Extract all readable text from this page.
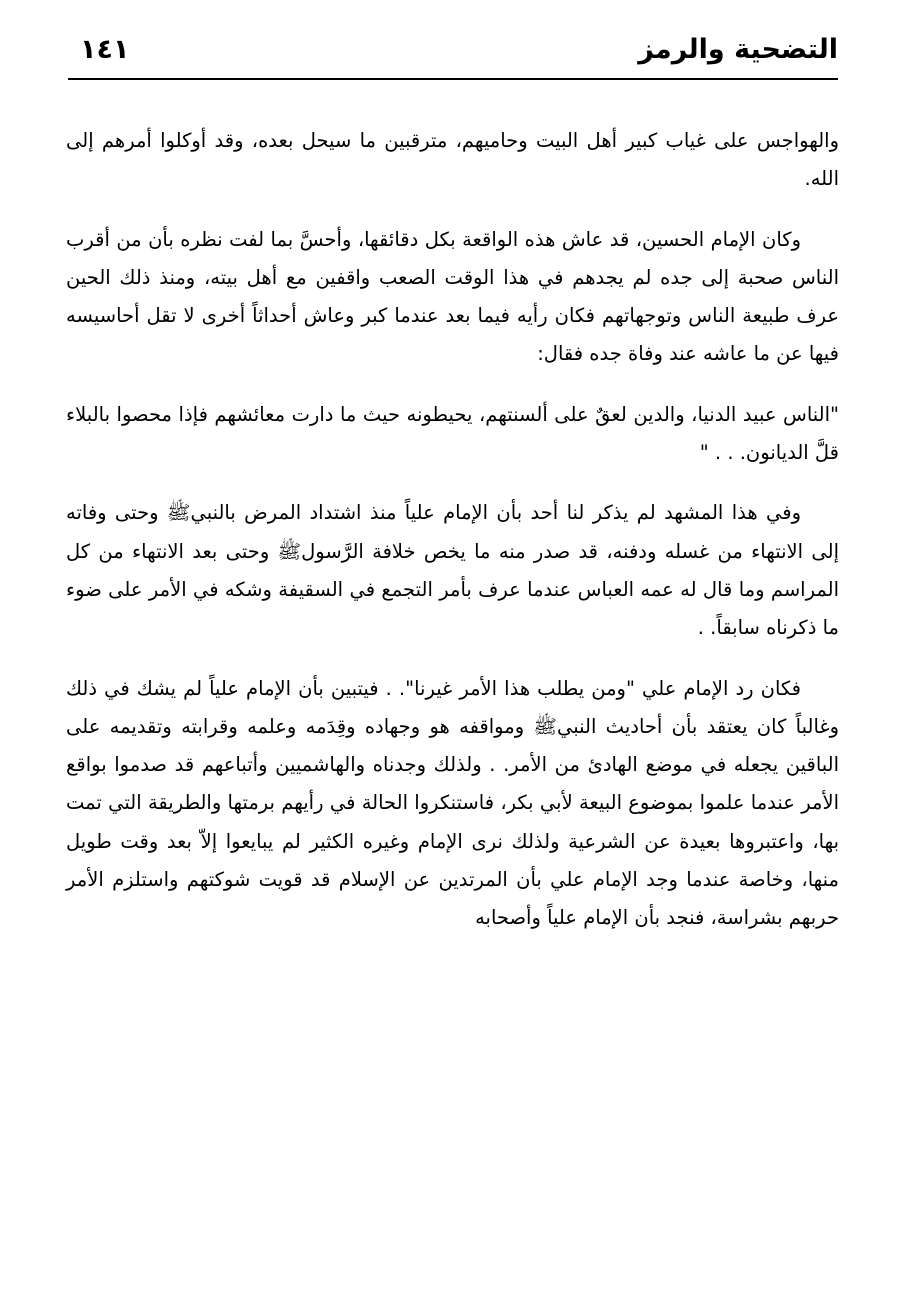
التضحية والرمز
١٤١

والهواجس على غياب كبير أهل البيت وحاميهم، مترقبين ما سيحل بعده، وقد أوكلوا أمرهم إلى الله.

وكان الإمام الحسين، قد عاش هذه الواقعة بكل دقائقها، وأحسَّ بما لفت نظره بأن من أقرب الناس صحبة إلى جده لم يجدهم في هذا الوقت الصعب واقفين مع أهل بيته، ومنذ ذلك الحين عرف طبيعة الناس وتوجهاتهم فكان رأيه فيما بعد عندما كبر وعاش أحداثاً أخرى لا تقل أحاسيسه فيها عن ما عاشه عند وفاة جده فقال:

"الناس عبيد الدنيا، والدين لعقٌ على ألسنتهم، يحيطونه حيث ما دارت معائشهم فإذا محصوا بالبلاء قلَّ الديانون. . . "

وفي هذا المشهد لم يذكر لنا أحد بأن الإمام علياً منذ اشتداد المرض بالنبيﷺ وحتى وفاته إلى الانتهاء من غسله ودفنه، قد صدر منه ما يخص خلافة الرَّسولﷺ وحتى بعد الانتهاء من كل المراسم وما قال له عمه العباس عندما عرف بأمر التجمع في السقيفة وشكه في الأمر على ضوء ما ذكرناه سابقاً. .

فكان رد الإمام علي "ومن يطلب هذا الأمر غيرنا". . فيتبين بأن الإمام علياً لم يشك في ذلك وغالباً كان يعتقد بأن أحاديث النبيﷺ ومواقفه هو وجهاده وقِدَمه وعلمه وقرابته وتقديمه على الباقين يجعله في موضع الهادئ من الأمر. . ولذلك وجدناه والهاشميين وأتباعهم قد صدموا بواقع الأمر عندما علموا بموضوع البيعة لأبي بكر، فاستنكروا الحالة في رأيهم برمتها والطريقة التي تمت بها، واعتبروها بعيدة عن الشرعية ولذلك نرى الإمام وغيره الكثير لم يبايعوا إلاّ بعد وقت طويل منها، وخاصة عندما وجد الإمام علي بأن المرتدين عن الإسلام قد قويت شوكتهم واستلزم الأمر حربهم بشراسة، فنجد بأن الإمام علياً وأصحابه
